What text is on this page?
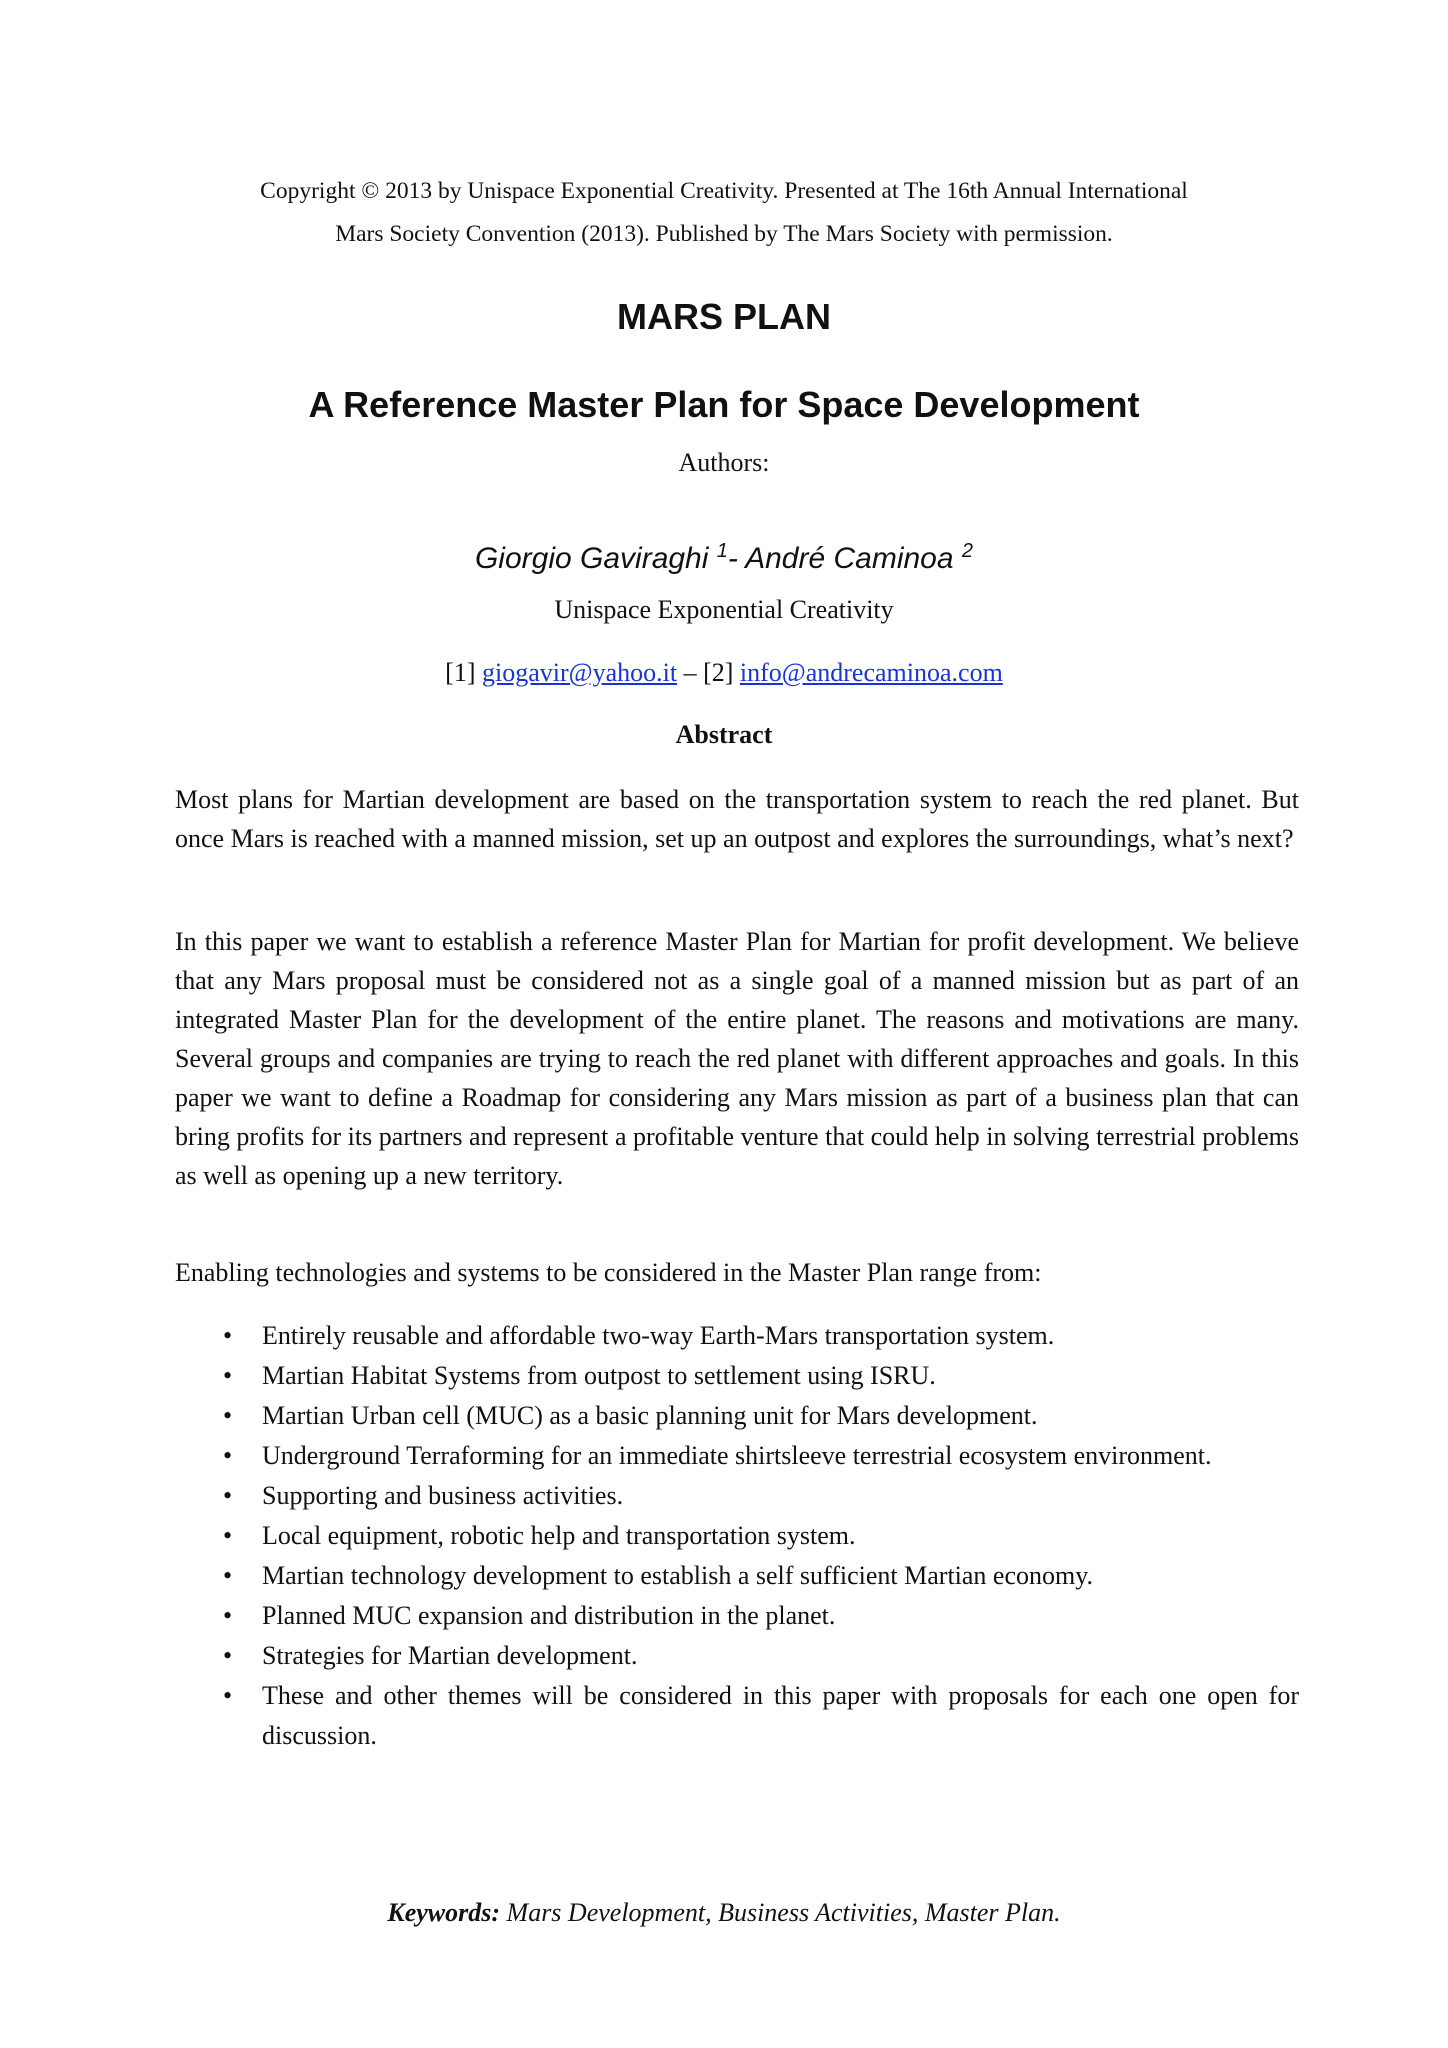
Copyright © 2013 by Unispace Exponential Creativity. Presented at The 16th Annual International
Mars Society Convention (2013). Published by The Mars Society with permission.
MARS PLAN
A Reference Master Plan for Space Development
Authors:
Giorgio Gaviraghi $^1$- André Caminoa $^2$
Unispace Exponential Creativity
[1] giogavir@yahoo.it – [2] info@andrecaminoa.com
Abstract

Most plans for Martian development are based on the transportation system to reach the red planet. But once Mars is reached with a manned mission, set up an outpost and explores the surroundings, what’s next?

In this paper we want to establish a reference Master Plan for Martian for profit development. We believe that any Mars proposal must be considered not as a single goal of a manned mission but as part of an integrated Master Plan for the development of the entire planet. The reasons and motivations are many. Several groups and companies are trying to reach the red planet with different approaches and goals. In this paper we want to define a Roadmap for considering any Mars mission as part of a business plan that can bring profits for its partners and represent a profitable venture that could help in solving terrestrial problems as well as opening up a new territory.

Enabling technologies and systems to be considered in the Master Plan range from:

• Entirely reusable and affordable two-way Earth-Mars transportation system.
• Martian Habitat Systems from outpost to settlement using ISRU.
• Martian Urban cell (MUC) as a basic planning unit for Mars development.
• Underground Terraforming for an immediate shirtsleeve terrestrial ecosystem environment.
• Supporting and business activities.
• Local equipment, robotic help and transportation system.
• Martian technology development to establish a self sufficient Martian economy.
• Planned MUC expansion and distribution in the planet.
• Strategies for Martian development.
• These and other themes will be considered in this paper with proposals for each one open for discussion.
Keywords: Mars Development, Business Activities, Master Plan.
